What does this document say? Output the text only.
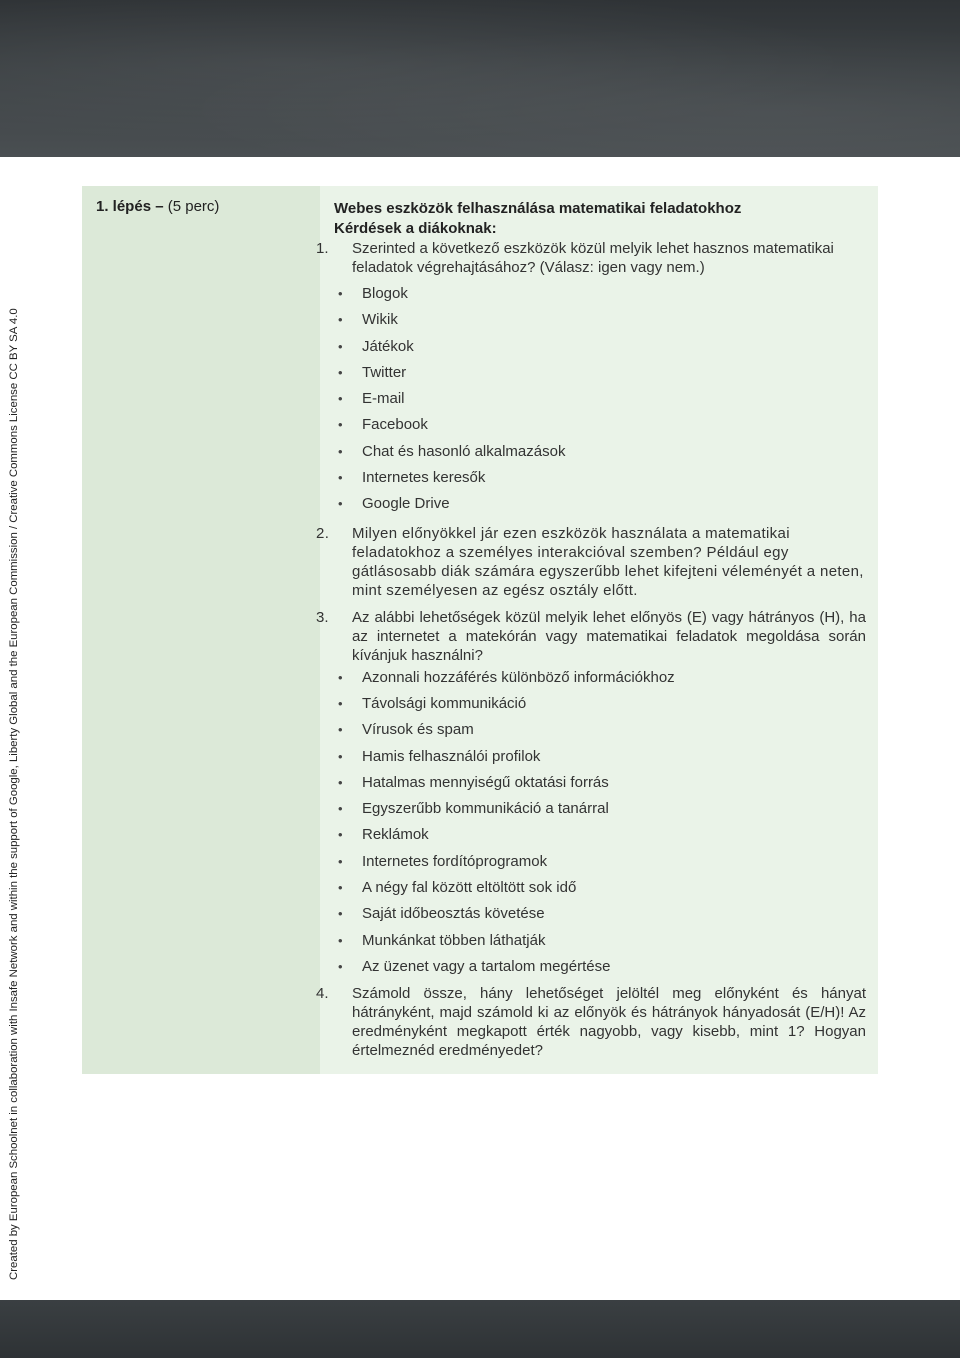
Created by European Schoolnet in collaboration with Insafe Network and within the support of Google, Liberty Global and the European Commission / Creative Commons License CC BY SA 4.0
1. lépés – (5 perc)	Webes eszközök felhasználása matematikai feladatokhoz
Kérdések a diákoknak:
1. Szerinted a következő eszközök közül melyik lehet hasznos matematikai feladatok végrehajtásához? (Válasz: igen vagy nem.)
• Blogok
• Wikik
• Játékok
• Twitter
• E-mail
• Facebook
• Chat és hasonló alkalmazások
• Internetes keresők
• Google Drive
2. Milyen előnyökkel jár ezen eszközök használata a matematikai feladatokhoz a személyes interakcióval szemben? Például egy gátlásosabb diák számára egyszerűbb lehet kifejteni véleményét a neten, mint személyesen az egész osztály előtt.
3. Az alábbi lehetőségek közül melyik lehet előnyös (E) vagy hátrányos (H), ha az internetet a matekórán vagy matematikai feladatok megoldása során kívánjuk használni?
• Azonnali hozzáférés különböző információkhoz
• Távolsági kommunikáció
• Vírusok és spam
• Hamis felhasználói profilok
• Hatalmas mennyiségű oktatási forrás
• Egyszerűbb kommunikáció a tanárral
• Reklámok
• Internetes fordítóprogramok
• A négy fal között eltöltött sok idő
• Saját időbeosztás követése
• Munkánkat többen láthatják
• Az üzenet vagy a tartalom megértése
4. Számold össze, hány lehetőséget jelöltél meg előnyként és hányat hátrányként, majd számold ki az előnyök és hátrányok hányadosát (E/H)! Az eredményként megkapott érték nagyobb, vagy kisebb, mint 1? Hogyan értelmeznéd eredményedet?
